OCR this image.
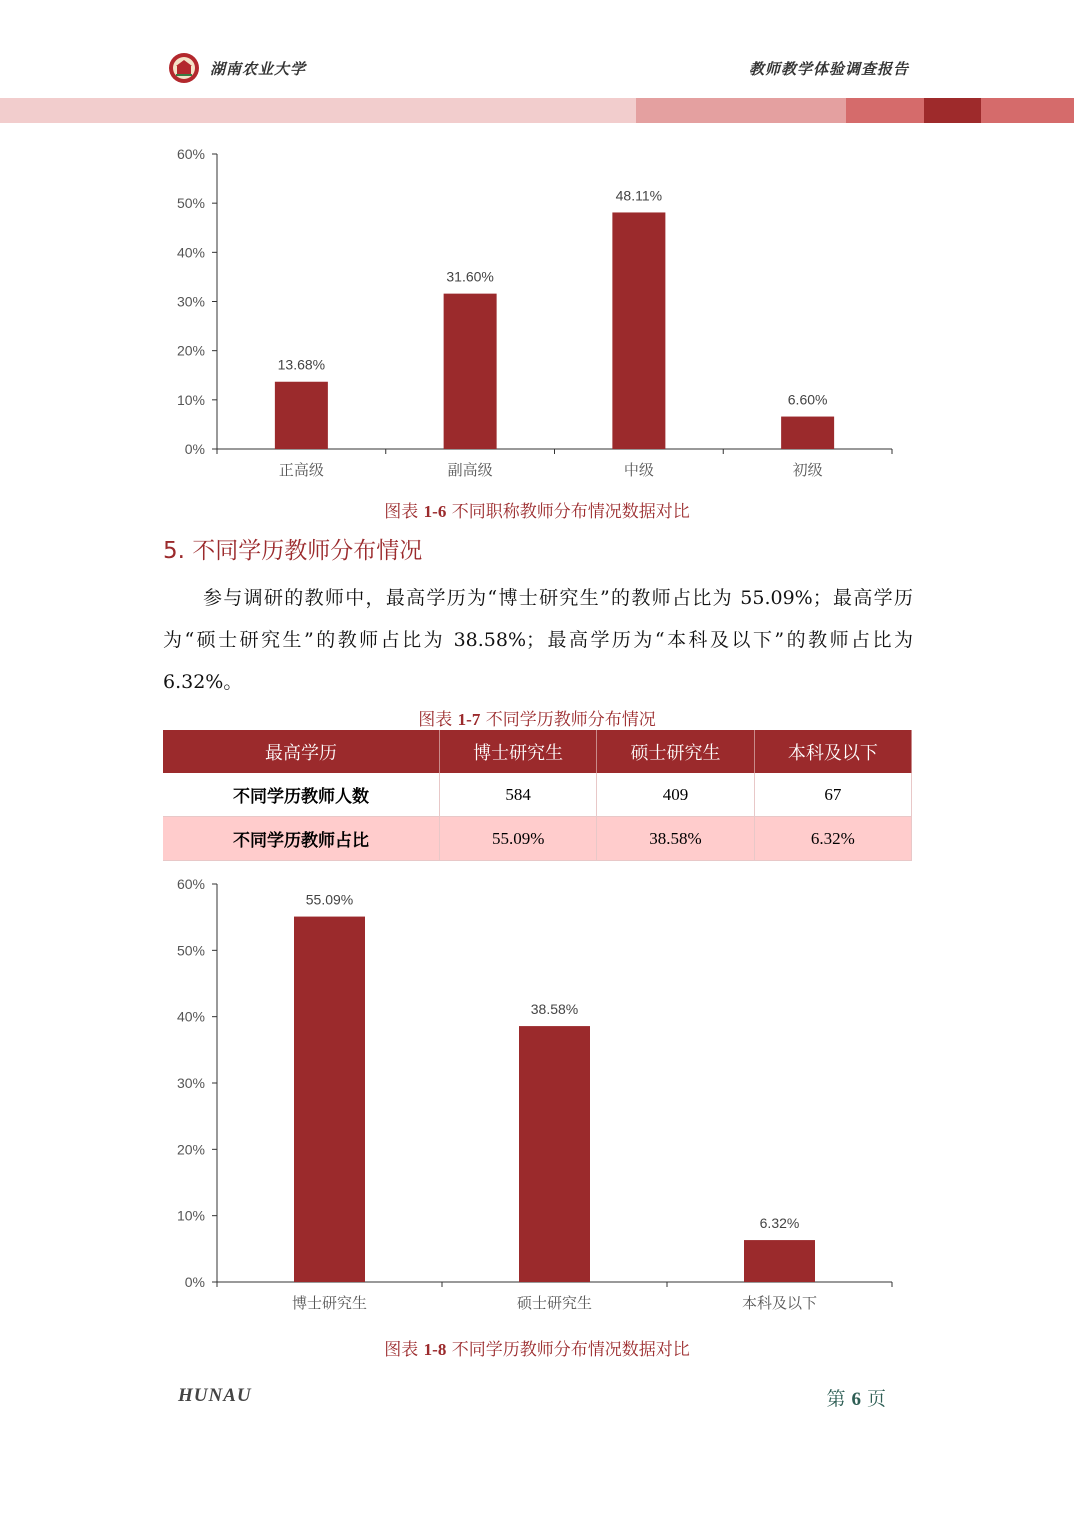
湖南农业大学	教师教学体验调查报告
0%
10%
20%
30%
40%
50%
60%
13.68%
正高级
31.60%
副高级
48.11%
中级
6.60%
初级
图表 1-6 不同职称教师分布情况数据对比
5. 不同学历教师分布情况
参与调研的教师中，最高学历为“博士研究生”的教师占比为 55.09%；最高学历为“硕士研究生”的教师占比为 38.58%；最高学历为“本科及以下”的教师占比为 6.32%。
图表 1-7 不同学历教师分布情况
最高学历	博士研究生	硕士研究生	本科及以下
不同学历教师人数	584	409	67
不同学历教师占比	55.09%	38.58%	6.32%
0%
10%
20%
30%
40%
50%
60%
55.09%
博士研究生
38.58%
硕士研究生
6.32%
本科及以下
图表 1-8 不同学历教师分布情况数据对比
HUNAU	第 6 页
